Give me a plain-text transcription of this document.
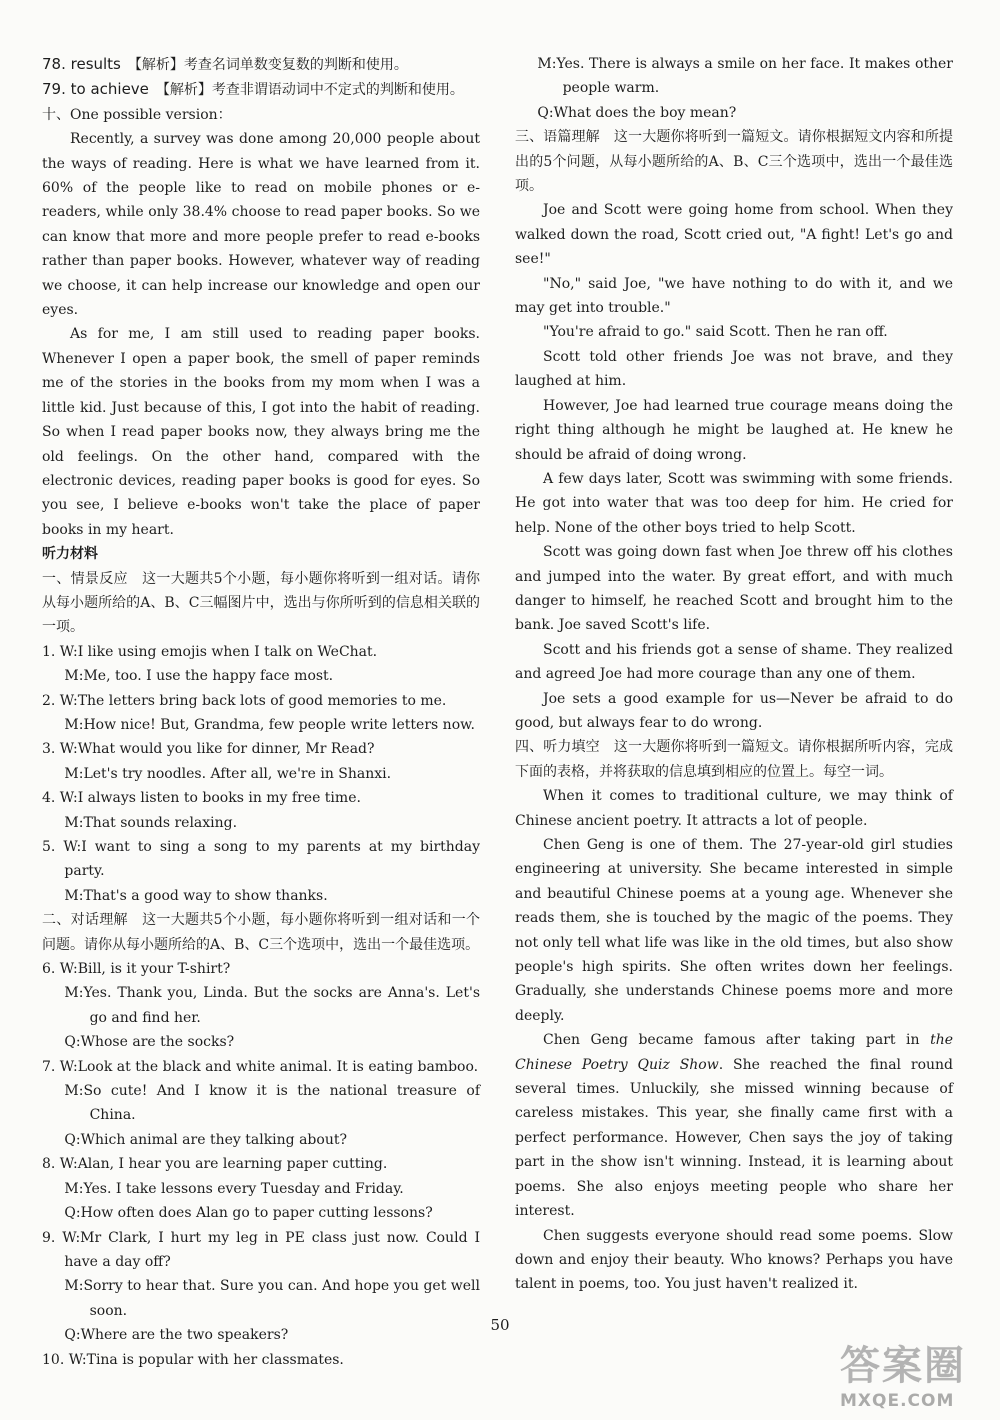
78. results　 【解析】考查名词单数变复数的判断和使用。

79. to achieve　 【解析】考查非谓语动词中不定式的判断和使用。

十、One possible version：

Recently, a survey was done among 20,000 people about the ways of reading. Here is what we have learned from it. 60% of the people like to read on mobile phones or e-readers, while only 38.4% choose to read paper books. So we can know that more and more people prefer to read e-books rather than paper books. However, whatever way of reading we choose, it can help increase our knowledge and open our eyes.

As for me, I am still used to reading paper books. Whenever I open a paper book, the smell of paper reminds me of the stories in the books from my mom when I was a little kid. Just because of this, I got into the habit of reading. So when I read paper books now, they always bring me the old feelings. On the other hand, compared with the electronic devices, reading paper books is good for eyes. So you see, I believe e-books won't take the place of paper books in my heart.

听力材料

一、情景反应　这一大题共5个小题，每小题你将听到一组对话。请你从每小题所给的A、B、C三幅图片中，选出与你所听到的信息相关联的一项。

1. W:I like using emojis when I talk on WeChat.

M:Me, too. I use the happy face most.

2. W:The letters bring back lots of good memories to me.

M:How nice! But, Grandma, few people write letters now.

3. W:What would you like for dinner, Mr Read?

M:Let's try noodles. After all, we're in Shanxi.

4. W:I always listen to books in my free time.

M:That sounds relaxing.

5. W:I want to sing a song to my parents at my birthday party.

M:That's a good way to show thanks.

二、对话理解　这一大题共5个小题，每小题你将听到一组对话和一个问题。请你从每小题所给的A、B、C三个选项中，选出一个最佳选项。

6. W:Bill, is it your T-shirt?

M:Yes. Thank you, Linda. But the socks are Anna's. Let's go and find her.

Q:Whose are the socks?

7. W:Look at the black and white animal. It is eating bamboo.

M:So cute! And I know it is the national treasure of China.

Q:Which animal are they talking about?

8. W:Alan, I hear you are learning paper cutting.

M:Yes. I take lessons every Tuesday and Friday.

Q:How often does Alan go to paper cutting lessons?

9. W:Mr Clark, I hurt my leg in PE class just now. Could I have a day off?

M:Sorry to hear that. Sure you can. And hope you get well soon.

Q:Where are the two speakers?

10. W:Tina is popular with her classmates.

M:Yes. There is always a smile on her face. It makes other people warm.

Q:What does the boy mean?

三、语篇理解　这一大题你将听到一篇短文。请你根据短文内容和所提出的5个问题，从每小题所给的A、B、C三个选项中，选出一个最佳选项。

Joe and Scott were going home from school. When they walked down the road, Scott cried out, "A fight! Let's go and see!"

"No," said Joe, "we have nothing to do with it, and we may get into trouble."

"You're afraid to go." said Scott. Then he ran off.

Scott told other friends Joe was not brave, and they laughed at him.

However, Joe had learned true courage means doing the right thing although he might be laughed at. He knew he should be afraid of doing wrong.

A few days later, Scott was swimming with some friends. He got into water that was too deep for him. He cried for help. None of the other boys tried to help Scott.

Scott was going down fast when Joe threw off his clothes and jumped into the water. By great effort, and with much danger to himself, he reached Scott and brought him to the bank. Joe saved Scott's life.

Scott and his friends got a sense of shame. They realized and agreed Joe had more courage than any one of them.

Joe sets a good example for us—Never be afraid to do good, but always fear to do wrong.

四、听力填空　这一大题你将听到一篇短文。请你根据所听内容，完成下面的表格，并将获取的信息填到相应的位置上。每空一词。

When it comes to traditional culture, we may think of Chinese ancient poetry. It attracts a lot of people.

Chen Geng is one of them. The 27-year-old girl studies engineering at university. She became interested in simple and beautiful Chinese poems at a young age. Whenever she reads them, she is touched by the magic of the poems. They not only tell what life was like in the old times, but also show people's high spirits. She often writes down her feelings. Gradually, she understands Chinese poems more and more deeply.

Chen Geng became famous after taking part in the Chinese Poetry Quiz Show. She reached the final round several times. Unluckily, she missed winning because of careless mistakes. This year, she finally came first with a perfect performance. However, Chen says the joy of taking part in the show isn't winning. Instead, it is learning about poems. She also enjoys meeting people who share her interest.

Chen suggests everyone should read some poems. Slow down and enjoy their beauty. Who knows? Perhaps you have talent in poems, too. You just haven't realized it.

50
答案圈
MXQE.COM
